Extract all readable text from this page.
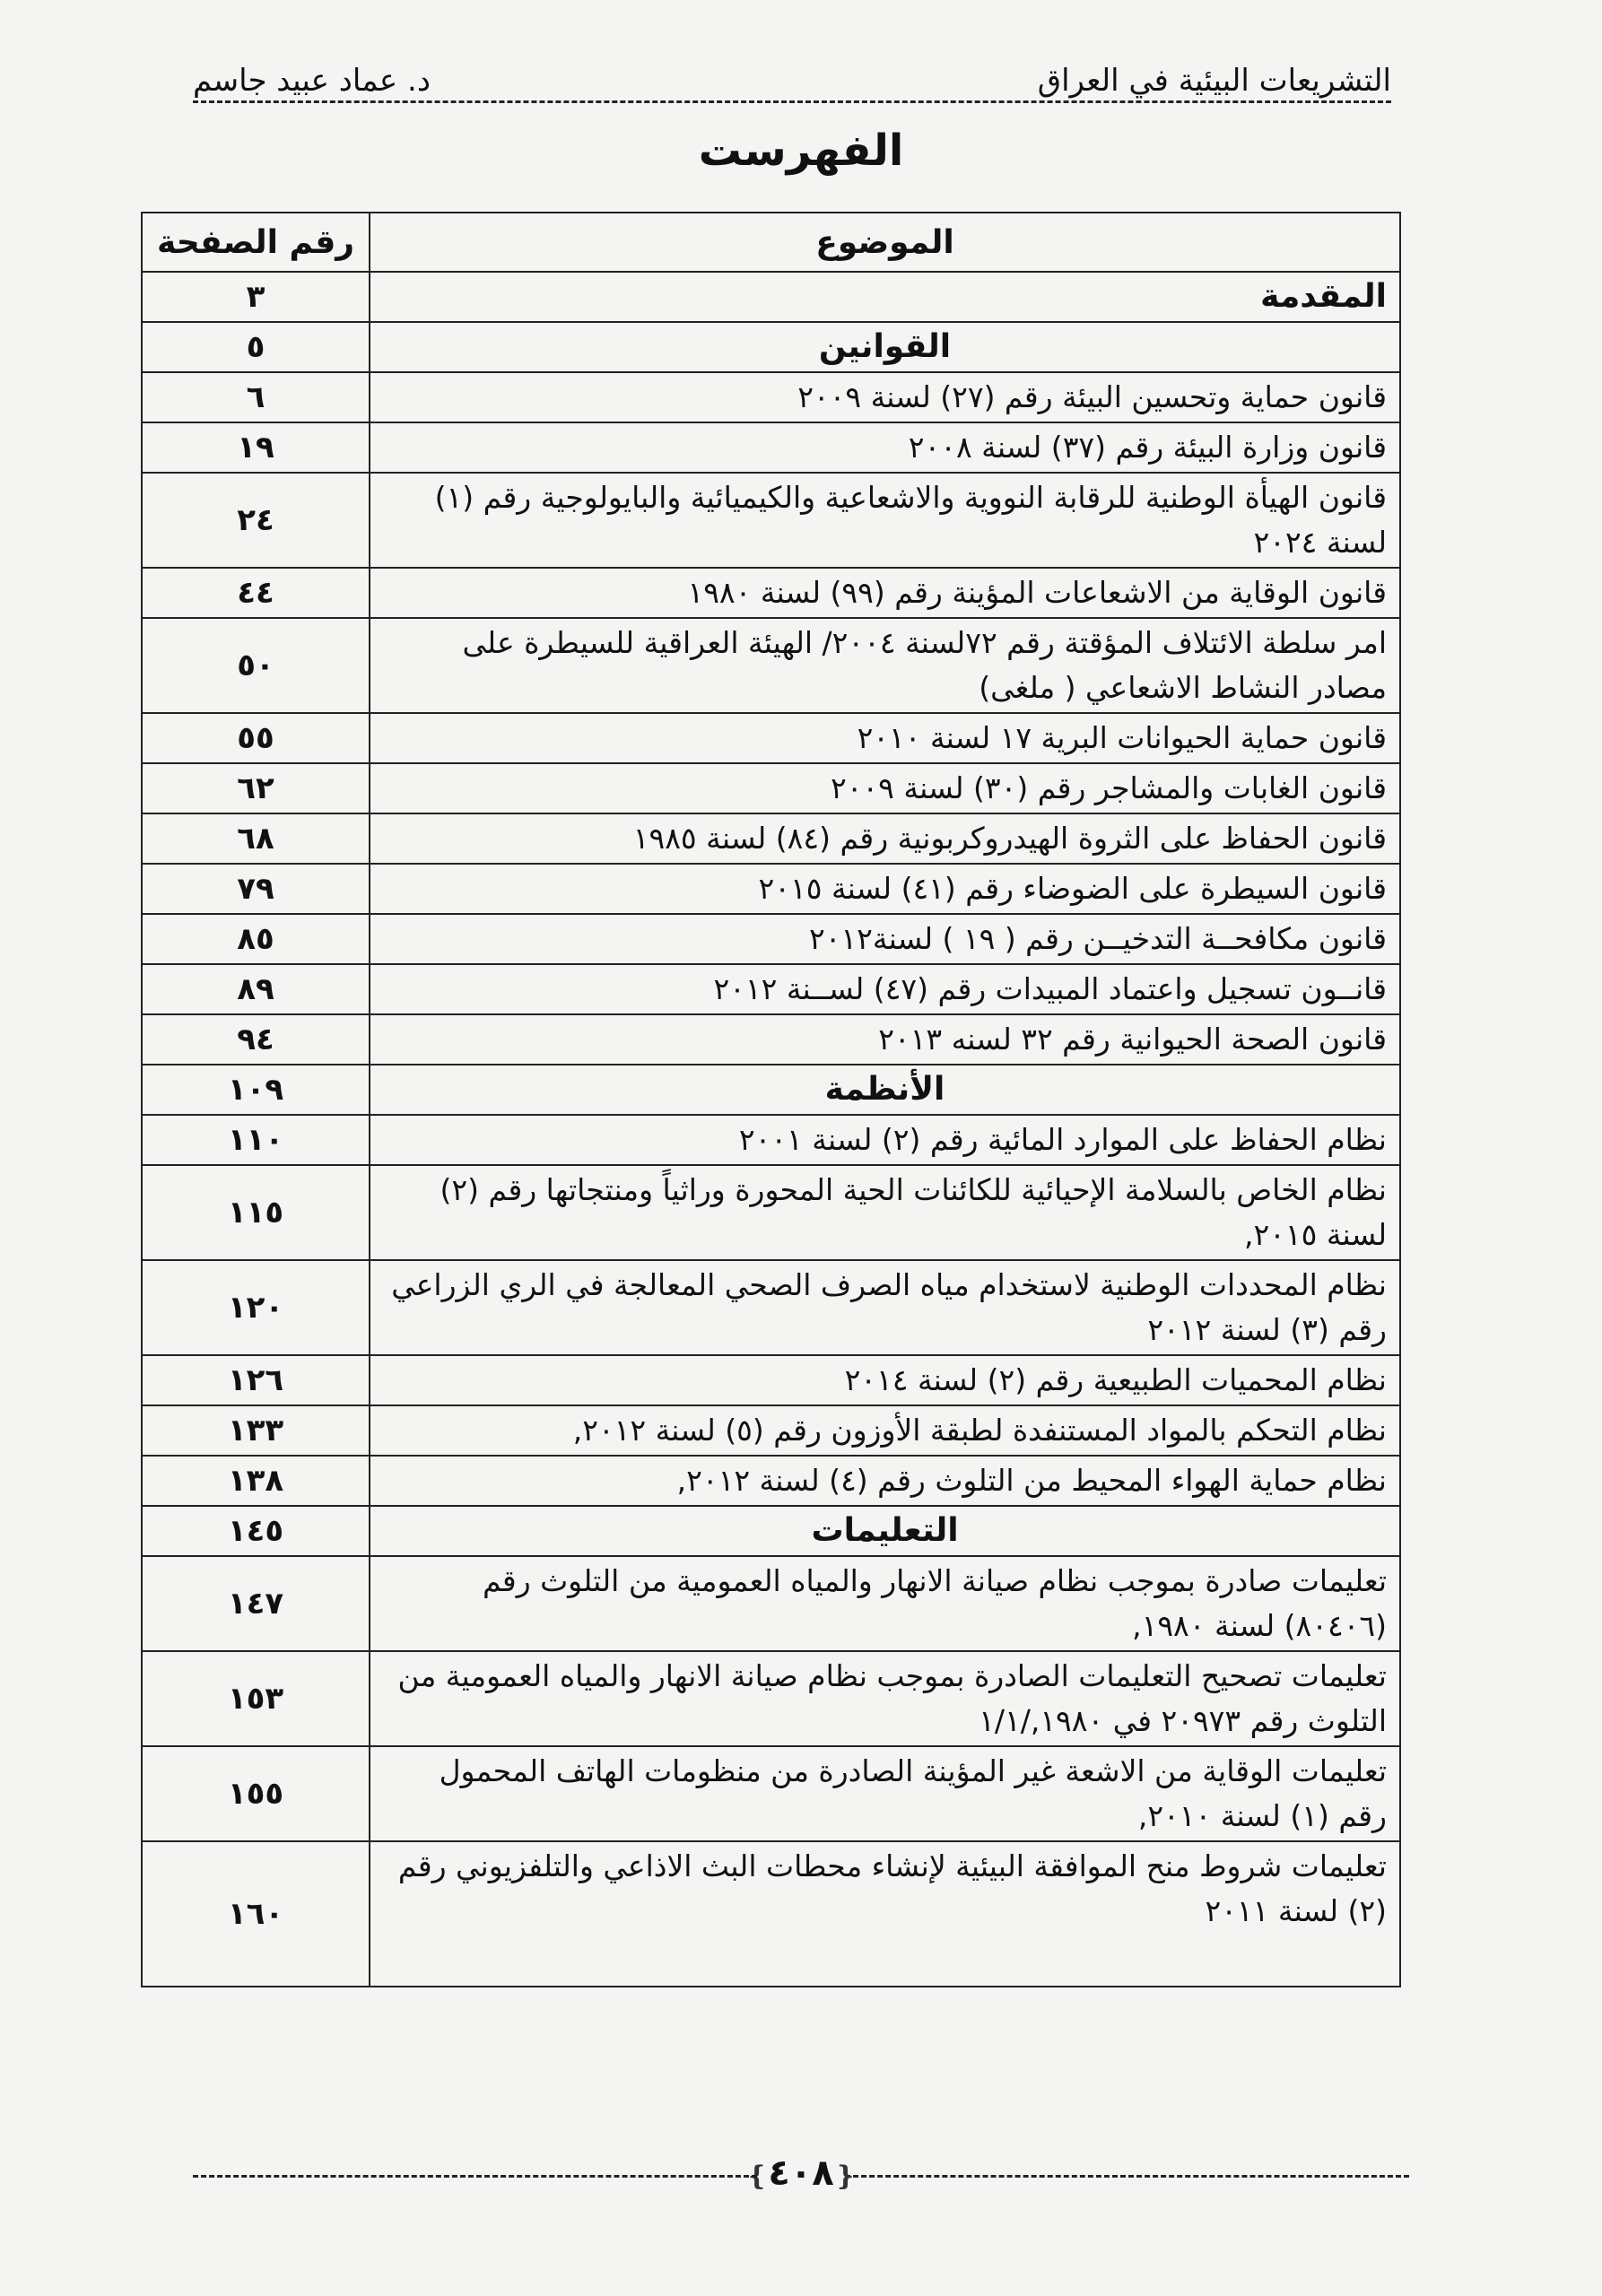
التشريعات البيئية في العراق
د. عماد عبيد جاسم
الفهرست
الموضوع	رقم الصفحة
المقدمة	٣
القوانين	٥
قانون حماية وتحسين البيئة رقم (٢٧) لسنة ٢٠٠٩	٦
قانون وزارة البيئة رقم (٣٧) لسنة ٢٠٠٨	١٩
قانون الهيأة الوطنية للرقابة النووية والاشعاعية والكيميائية والبايولوجية رقم (١) لسنة ٢٠٢٤	٢٤
قانون الوقاية من الاشعاعات المؤينة رقم (٩٩) لسنة ١٩٨٠	٤٤
امر سلطة الائتلاف المؤقتة رقم ٧٢لسنة ٢٠٠٤/ الهيئة العراقية للسيطرة على مصادر النشاط الاشعاعي ( ملغى)	٥٠
قانون حماية الحيوانات البرية ١٧ لسنة ٢٠١٠	٥٥
قانون الغابات والمشاجر رقم (٣٠) لسنة ٢٠٠٩	٦٢
قانون الحفاظ على الثروة الهيدروكربونية رقم (٨٤) لسنة ١٩٨٥	٦٨
قانون السيطرة على الضوضاء رقم (٤١) لسنة ٢٠١٥	٧٩
قانون مكافحــة التدخيــن رقم ( ١٩ ) لسنة٢٠١٢	٨٥
قانــون تسجيل واعتماد المبيدات رقم (٤٧) لســنة ٢٠١٢	٨٩
قانون الصحة الحيوانية رقم ٣٢ لسنه ٢٠١٣	٩٤
الأنظمة	١٠٩
نظام الحفاظ على الموارد المائية رقم (٢) لسنة ٢٠٠١	١١٠
نظام الخاص بالسلامة الإحيائية للكائنات الحية المحورة وراثياً ومنتجاتها رقم (٢) لسنة ٢٠١٥,	١١٥
نظام المحددات الوطنية لاستخدام مياه الصرف الصحي المعالجة في الري الزراعي رقم (٣) لسنة ٢٠١٢	١٢٠
نظام المحميات الطبيعية رقم (٢) لسنة ٢٠١٤	١٢٦
نظام التحكم بالمواد المستنفدة لطبقة الأوزون رقم (٥) لسنة ٢٠١٢,	١٣٣
نظام حماية الهواء المحيط من التلوث رقم (٤) لسنة ٢٠١٢,	١٣٨
التعليمات	١٤٥
تعليمات صادرة بموجب نظام صيانة الانهار والمياه العمومية من التلوث رقم (٨٠٤٠٦) لسنة ١٩٨٠,	١٤٧
تعليمات تصحيح التعليمات الصادرة بموجب نظام صيانة الانهار والمياه العمومية من التلوث رقم ٢٠٩٧٣ في ١٩٨٠,/١/١	١٥٣
تعليمات الوقاية من الاشعة غير المؤينة الصادرة من منظومات الهاتف المحمول رقم (١) لسنة ٢٠١٠,	١٥٥
تعليمات شروط منح الموافقة البيئية لإنشاء محطات البث الاذاعي والتلفزيوني رقم (٢) لسنة ٢٠١١	١٦٠
❴٤٠٨❵
